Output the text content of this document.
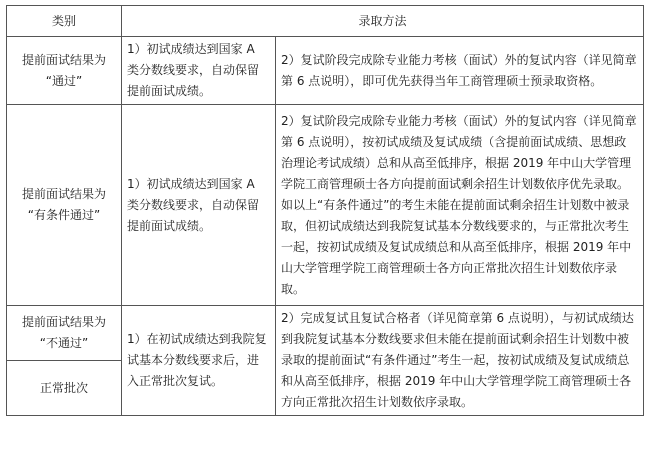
类别	录取方法	

提前面试结果为
“通过”	1）初试成绩达到国家 A 类分数线要求，自动保留提前面试成绩。	2）复试阶段完成除专业能力考核（面试）外的复试内容（详见简章第 6 点说明），即可优先获得当年工商管理硕士预录取资格。

提前面试结果为
“有条件通过”	1）初试成绩达到国家 A 类分数线要求，自动保留提前面试成绩。	2）复试阶段完成除专业能力考核（面试）外的复试内容（详见简章第 6 点说明），按初试成绩及复试成绩（含提前面试成绩、思想政治理论考试成绩）总和从高至低排序，根据 2019 年中山大学管理学院工商管理硕士各方向提前面试剩余招生计划数依序优先录取。如以上“有条件通过”的考生未能在提前面试剩余招生计划数中被录取，但初试成绩达到我院复试基本分数线要求的，与正常批次考生一起，按初试成绩及复试成绩总和从高至低排序，根据 2019 年中山大学管理学院工商管理硕士各方向正常批次招生计划数依序录取。

提前面试结果为
“不通过”	1）在初试成绩达到我院复试基本分数线要求后，进入正常批次复试。	2）完成复试且复试合格者（详见简章第 6 点说明），与初试成绩达到我院复试基本分数线要求但未能在提前面试剩余招生计划数中被录取的提前面试“有条件通过”考生一起，按初试成绩及复试成绩总和从高至低排序，根据 2019 年中山大学管理学院工商管理硕士各方向正常批次招生计划数依序录取。
正常批次		
